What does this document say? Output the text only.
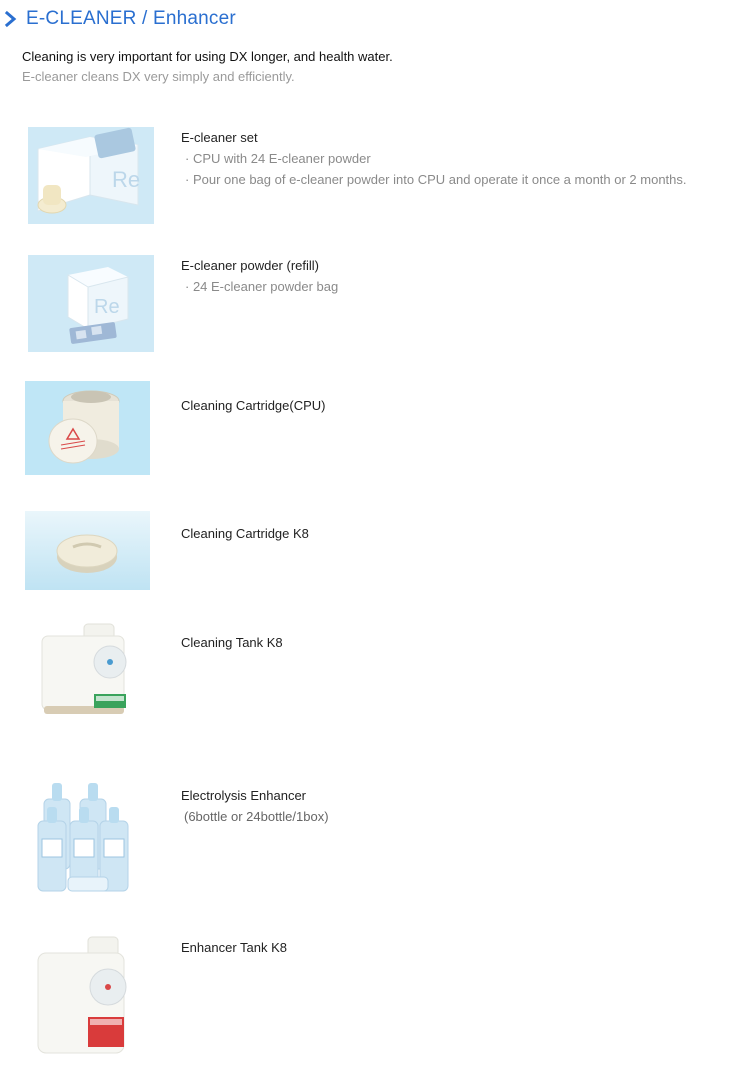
E-CLEANER / Enhancer
Cleaning is very important for using DX longer, and health water.
E-cleaner cleans DX very simply and efficiently.
Re
E-cleaner set
· CPU with 24 E-cleaner powder
· Pour one bag of e-cleaner powder into CPU and operate it once a month or 2 months.
Re
E-cleaner powder (refill)
· 24 E-cleaner powder bag
Cleaning Cartridge(CPU)
Cleaning Cartridge K8
Cleaning Tank K8
Electrolysis Enhancer
(6bottle or 24bottle/1box)
Enhancer Tank K8
